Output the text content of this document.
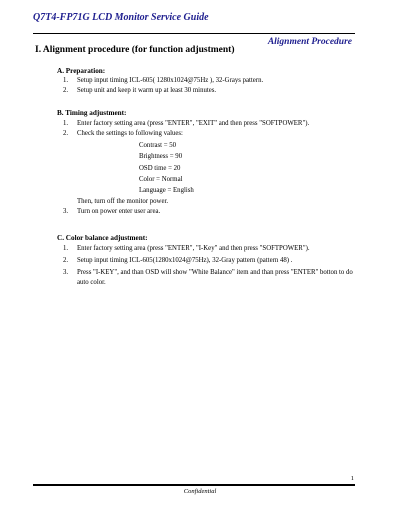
Q7T4-FP71G LCD Monitor Service Guide
Alignment Procedure
I. Alignment procedure (for function adjustment)
A. Preparation:
1. Setup input timing ICL-605( 1280x1024@75Hz ), 32-Grays pattern.
2. Setup unit and keep it warm up at least 30 minutes.
B. Timing adjustment:
1. Enter factory setting area (press "ENTER", "EXIT" and then press "SOFTPOWER").
2. Check the settings to following values:
Contrast = 50
Brightness = 90
OSD time = 20
Color = Normal
Language = English
Then, turn off the monitor power.
3. Turn on power enter user area.
C. Color balance adjustment:
1. Enter factory setting area (press "ENTER", "I-Key" and then press "SOFTPOWER").
2. Setup input timing ICL-605(1280x1024@75Hz), 32-Gray pattern (pattern 48) .
3. Press "I-KEY", and than OSD will show "White Balance" item and than press "ENTER" botton to do auto color.
1
Confidential
